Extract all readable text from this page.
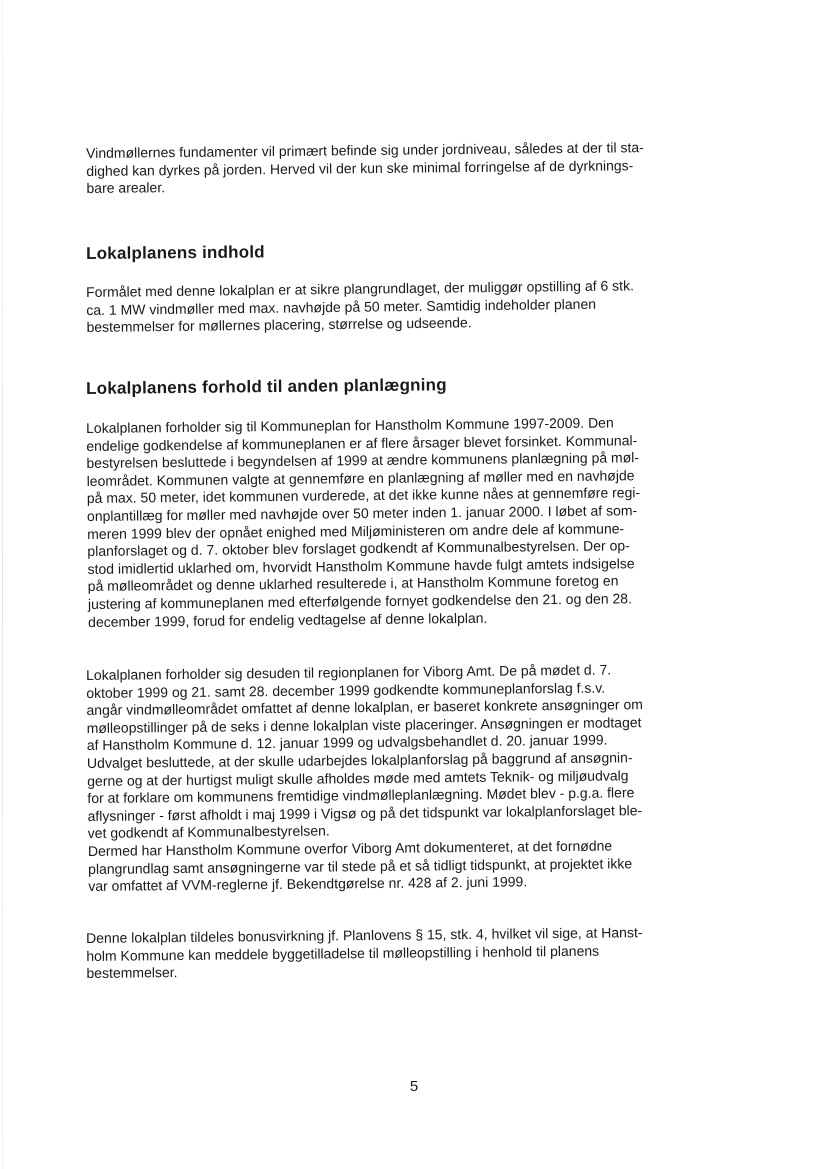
Vindmøllernes fundamenter vil primært befinde sig under jordniveau, således at der til sta-
dighed kan dyrkes på jorden. Herved vil der kun ske minimal forringelse af de dyrknings-
bare arealer.

Lokalplanens indhold

Formålet med denne lokalplan er at sikre plangrundlaget, der muliggør opstilling af 6 stk.
ca. 1 MW vindmøller med max. navhøjde på 50 meter. Samtidig indeholder planen
bestemmelser for møllernes placering, størrelse og udseende.

Lokalplanens forhold til anden planlægning

Lokalplanen forholder sig til Kommuneplan for Hanstholm Kommune 1997-2009. Den
endelige godkendelse af kommuneplanen er af flere årsager blevet forsinket. Kommunal-
bestyrelsen besluttede i begyndelsen af 1999 at ændre kommunens planlægning på møl-
leområdet. Kommunen valgte at gennemføre en planlægning af møller med en navhøjde
på max. 50 meter, idet kommunen vurderede, at det ikke kunne nåes at gennemføre regi-
onplantillæg for møller med navhøjde over 50 meter inden 1. januar 2000. I løbet af som-
meren 1999 blev der opnået enighed med Miljøministeren om andre dele af kommune-
planforslaget og d. 7. oktober blev forslaget godkendt af Kommunalbestyrelsen. Der op-
stod imidlertid uklarhed om, hvorvidt Hanstholm Kommune havde fulgt amtets indsigelse
på mølleområdet og denne uklarhed resulterede i, at Hanstholm Kommune foretog en
justering af kommuneplanen med efterfølgende fornyet godkendelse den 21. og den 28.
december 1999, forud for endelig vedtagelse af denne lokalplan.

Lokalplanen forholder sig desuden til regionplanen for Viborg Amt. De på mødet d. 7.
oktober 1999 og 21. samt 28. december 1999 godkendte kommuneplanforslag f.s.v.
angår vindmølleområdet omfattet af denne lokalplan, er baseret konkrete ansøgninger om
mølleopstillinger på de seks i denne lokalplan viste placeringer. Ansøgningen er modtaget
af Hanstholm Kommune d. 12. januar 1999 og udvalgsbehandlet d. 20. januar 1999.
Udvalget besluttede, at der skulle udarbejdes lokalplanforslag på baggrund af ansøgnin-
gerne og at der hurtigst muligt skulle afholdes møde med amtets Teknik- og miljøudvalg
for at forklare om kommunens fremtidige vindmølleplanlægning. Mødet blev - p.g.a. flere
aflysninger - først afholdt i maj 1999 i Vigsø og på det tidspunkt var lokalplanforslaget ble-
vet godkendt af Kommunalbestyrelsen.
Dermed har Hanstholm Kommune overfor Viborg Amt dokumenteret, at det fornødne
plangrundlag samt ansøgningerne var til stede på et så tidligt tidspunkt, at projektet ikke
var omfattet af VVM-reglerne jf. Bekendtgørelse nr. 428 af 2. juni 1999.

Denne lokalplan tildeles bonusvirkning jf. Planlovens § 15, stk. 4, hvilket vil sige, at Hanst-
holm Kommune kan meddele byggetilladelse til mølleopstilling i henhold til planens
bestemmelser.

5
